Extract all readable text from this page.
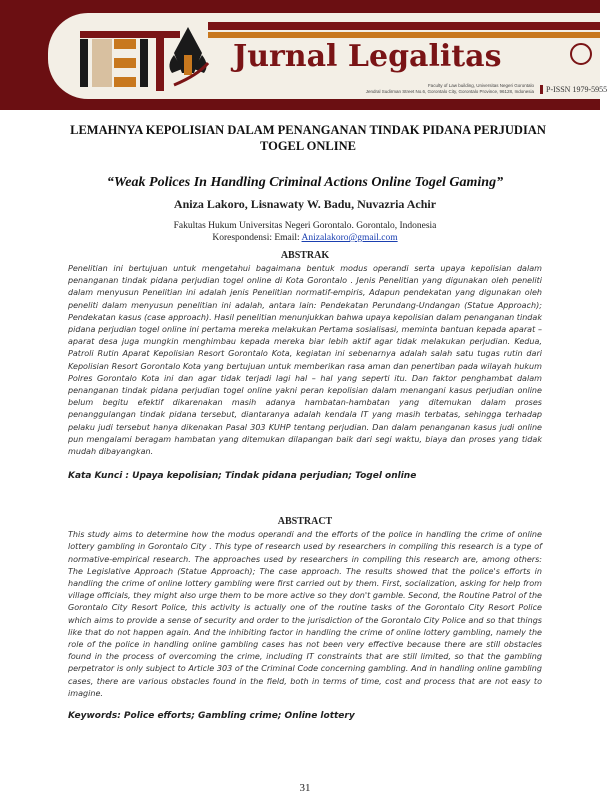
Jurnal Legalitas
Faculty of Law building, Universitas Negeri Gorontalo
Jendral Sudirman Street No.6, Gorontalo City, Gorontalo Province, 96128, Indonesia	P-ISSN 1979-5955
LEMAHNYA KEPOLISIAN DALAM PENANGANAN TINDAK PIDANA PERJUDIAN TOGEL ONLINE
“Weak Polices In Handling Criminal Actions Online Togel Gaming”
Aniza Lakoro, Lisnawaty W. Badu, Nuvazria Achir
Fakultas Hukum Universitas Negeri Gorontalo. Gorontalo, Indonesia
Korespondensi: Email: Anizalakoro@gmail.com
ABSTRAK
Penelitian ini bertujuan untuk mengetahui bagaimana bentuk modus operandi serta upaya kepolisian dalam penanganan tindak pidana perjudian togel online di Kota Gorontalo . Jenis Penelitian yang digunakan oleh peneliti dalam menyusun Penelitian ini adalah jenis Penelitian normatif-empiris, Adapun pendekatan yang digunakan oleh peneliti dalam menyusun penelitian ini adalah, antara lain: Pendekatan Perundang-Undangan (Statue Approach); Pendekatan kasus (case approach). Hasil penelitian menunjukkan bahwa upaya kepolisian dalam penanganan tindak pidana perjudian togel online ini pertama mereka melakukan Pertama sosialisasi, meminta bantuan kepada aparat – aparat desa juga mungkin menghimbau kepada mereka biar lebih aktif agar tidak melakukan perjudian. Kedua, Patroli Rutin Aparat Kepolisian Resort Gorontalo Kota, kegiatan ini sebenarnya adalah salah satu tugas rutin dari Kepolisian Resort Gorontalo Kota yang bertujuan untuk memberikan rasa aman dan penertiban pada wilayah hukum Polres Gorontalo Kota ini dan agar tidak terjadi lagi hal – hal yang seperti itu. Dan faktor penghambat dalam penanganan tindak pidana perjudian togel online yakni peran kepolisian dalam menangani kasus perjudian online belum begitu efektif dikarenakan masih adanya hambatan-hambatan yang ditemukan dalam proses penanggulangan tindak pidana tersebut, diantaranya adalah kendala IT yang masih terbatas, sehingga terhadap pelaku judi tersebut hanya dikenakan Pasal 303 KUHP tentang perjudian. Dan dalam penanganan kasus judi online pun mengalami beragam hambatan yang ditemukan dilapangan baik dari segi waktu, biaya dan proses yang tidak mudah dibayangkan.
Kata Kunci : Upaya kepolisian; Tindak pidana perjudian; Togel online
ABSTRACT
This study aims to determine how the modus operandi and the efforts of the police in handling the crime of online lottery gambling in Gorontalo City . This type of research used by researchers in compiling this research is a type of normative-empirical research. The approaches used by researchers in compiling this research are, among others: The Legislative Approach (Statue Approach); The case approach. The results showed that the police's efforts in handling the crime of online lottery gambling were first carried out by them. First, socialization, asking for help from village officials, they might also urge them to be more active so they don't gamble. Second, the Routine Patrol of the Gorontalo City Resort Police, this activity is actually one of the routine tasks of the Gorontalo City Resort Police which aims to provide a sense of security and order to the jurisdiction of the Gorontalo City Police and so that things like that do not happen again. And the inhibiting factor in handling the crime of online lottery gambling, namely the role of the police in handling online gambling cases has not been very effective because there are still obstacles found in the process of overcoming the crime, including IT constraints that are still limited, so that the gambling perpetrator is only subject to Article 303 of the Criminal Code concerning gambling. And in handling online gambling cases, there are various obstacles found in the field, both in terms of time, cost and process that are not easy to imagine.
Keywords: Police efforts; Gambling crime; Online lottery
31
